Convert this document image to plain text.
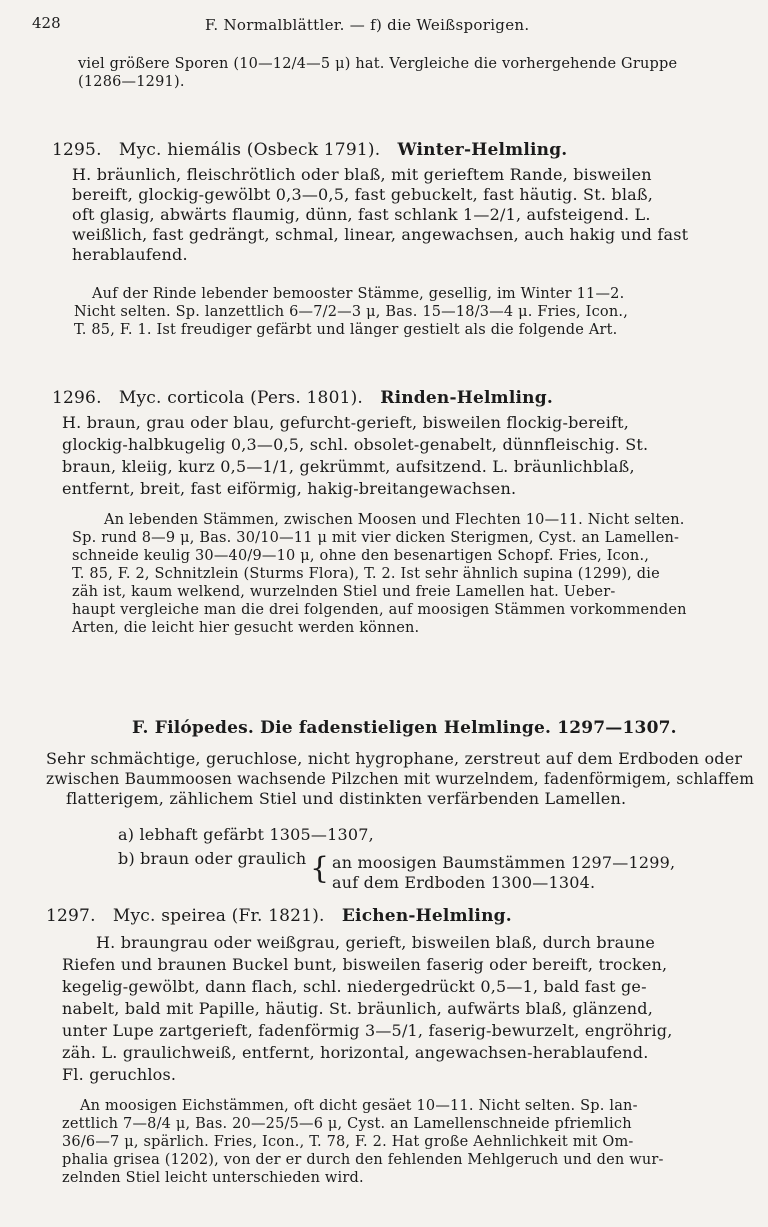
428	F. Normalblättler. — f) die Weißsporigen.
viel größere Sporen (10—12/4—5 μ) hat. Vergleiche die vorhergehende Gruppe
(1286—1291).
1295. Myc. hiemális (Osbeck 1791). Winter-Helmling.
H. bräunlich, fleischrötlich oder blaß, mit gerieftem Rande, bisweilen
bereift, glockig-gewölbt 0,3—0,5, fast gebuckelt, fast häutig. St. blaß,
oft glasig, abwärts flaumig, dünn, fast schlank 1—2/1, aufsteigend. L.
weißlich, fast gedrängt, schmal, linear, angewachsen, auch hakig und fast
herablaufend.
Auf der Rinde lebender bemooster Stämme, gesellig, im Winter 11—2.
Nicht selten. Sp. lanzettlich 6—7/2—3 μ, Bas. 15—18/3—4 μ. Fries, Icon.,
T. 85, F. 1. Ist freudiger gefärbt und länger gestielt als die folgende Art.
1296. Myc. corticola (Pers. 1801). Rinden-Helmling.
H. braun, grau oder blau, gefurcht-gerieft, bisweilen flockig-bereift,
glockig-halbkugelig 0,3—0,5, schl. obsolet-genabelt, dünnfleischig. St.
braun, kleiig, kurz 0,5—1/1, gekrümmt, aufsitzend. L. bräunlichblaß,
entfernt, breit, fast eiförmig, hakig-breitangewachsen.
An lebenden Stämmen, zwischen Moosen und Flechten 10—11. Nicht selten.
Sp. rund 8—9 μ, Bas. 30/10—11 μ mit vier dicken Sterigmen, Cyst. an Lamellen-
schneide keulig 30—40/9—10 μ, ohne den besenartigen Schopf. Fries, Icon.,
T. 85, F. 2, Schnitzlein (Sturms Flora), T. 2. Ist sehr ähnlich supina (1299), die
zäh ist, kaum welkend, wurzelnden Stiel und freie Lamellen hat. Ueber-
haupt vergleiche man die drei folgenden, auf moosigen Stämmen vorkommenden
Arten, die leicht hier gesucht werden können.
F. Filópedes. Die fadenstieligen Helmlinge. 1297—1307.
Sehr schmächtige, geruchlose, nicht hygrophane, zerstreut auf dem Erdboden oder
zwischen Baummoosen wachsende Pilzchen mit wurzelndem, fadenförmigem, schlaffem
flatterigem, zählichem Stiel und distinkten verfärbenden Lamellen.
a) lebhaft gefärbt 1305—1307,
b) braun oder graulich { an moosigen Baumstämmen 1297—1299,
auf dem Erdboden 1300—1304.
1297. Myc. speirea (Fr. 1821). Eichen-Helmling.
H. braungrau oder weißgrau, gerieft, bisweilen blaß, durch braune
Riefen und braunen Buckel bunt, bisweilen faserig oder bereift, trocken,
kegelig-gewölbt, dann flach, schl. niedergedrückt 0,5—1, bald fast ge-
nabelt, bald mit Papille, häutig. St. bräunlich, aufwärts blaß, glänzend,
unter Lupe zartgerieft, fadenförmig 3—5/1, faserig-bewurzelt, engröhrig,
zäh. L. graulichweiß, entfernt, horizontal, angewachsen-herablaufend.
Fl. geruchlos.
An moosigen Eichstämmen, oft dicht gesäet 10—11. Nicht selten. Sp. lan-
zettlich 7—8/4 μ, Bas. 20—25/5—6 μ, Cyst. an Lamellenschneide pfriemlich
36/6—7 μ, spärlich. Fries, Icon., T. 78, F. 2. Hat große Aehnlichkeit mit Om-
phalia grisea (1202), von der er durch den fehlenden Mehlgeruch und den wur-
zelnden Stiel leicht unterschieden wird.
